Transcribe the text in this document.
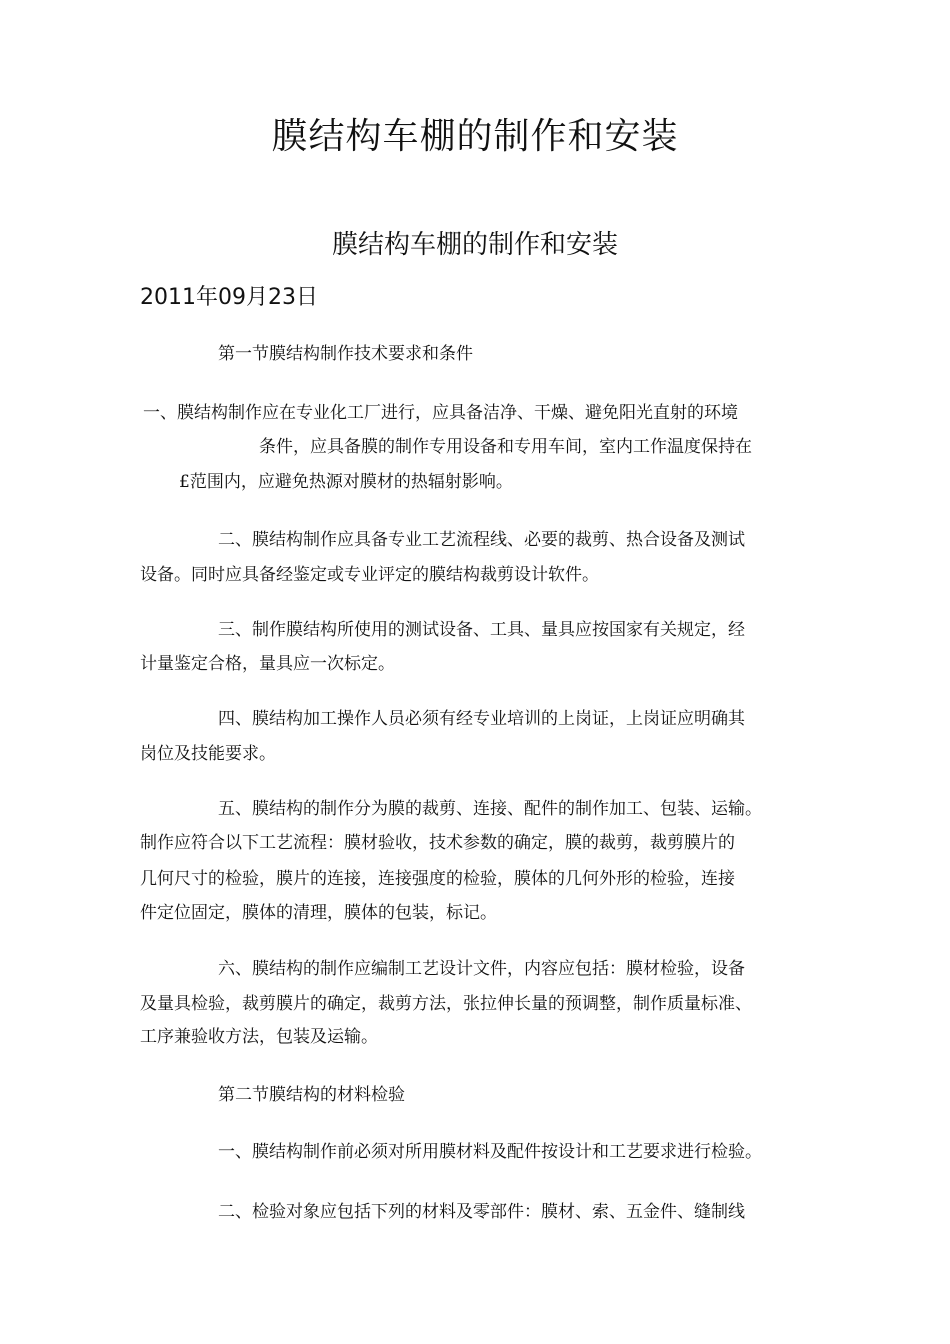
膜结构车棚的制作和安装
膜结构车棚的制作和安装
2011年09月23日
第一节膜结构制作技术要求和条件
一、膜结构制作应在专业化工厂进行，应具备洁净、干燥、避免阳光直射的环境
条件，应具备膜的制作专用设备和专用车间，室内工作温度保持在
£范围内，应避免热源对膜材的热辐射影响。
二、膜结构制作应具备专业工艺流程线、必要的裁剪、热合设备及测试
设备。同时应具备经鉴定或专业评定的膜结构裁剪设计软件。
三、制作膜结构所使用的测试设备、工具、量具应按国家有关规定，经
计量鉴定合格，量具应一次标定。
四、膜结构加工操作人员必须有经专业培训的上岗证，上岗证应明确其
岗位及技能要求。
五、膜结构的制作分为膜的裁剪、连接、配件的制作加工、包装、运输。
制作应符合以下工艺流程：膜材验收，技术参数的确定，膜的裁剪，裁剪膜片的
几何尺寸的检验，膜片的连接，连接强度的检验，膜体的几何外形的检验，连接
件定位固定，膜体的清理，膜体的包装，标记。
六、膜结构的制作应编制工艺设计文件，内容应包括：膜材检验，设备
及量具检验，裁剪膜片的确定，裁剪方法，张拉伸长量的预调整，制作质量标准、
工序兼验收方法，包装及运输。
第二节膜结构的材料检验
一、膜结构制作前必须对所用膜材料及配件按设计和工艺要求进行检验。
二、检验对象应包括下列的材料及零部件：膜材、索、五金件、缝制线
